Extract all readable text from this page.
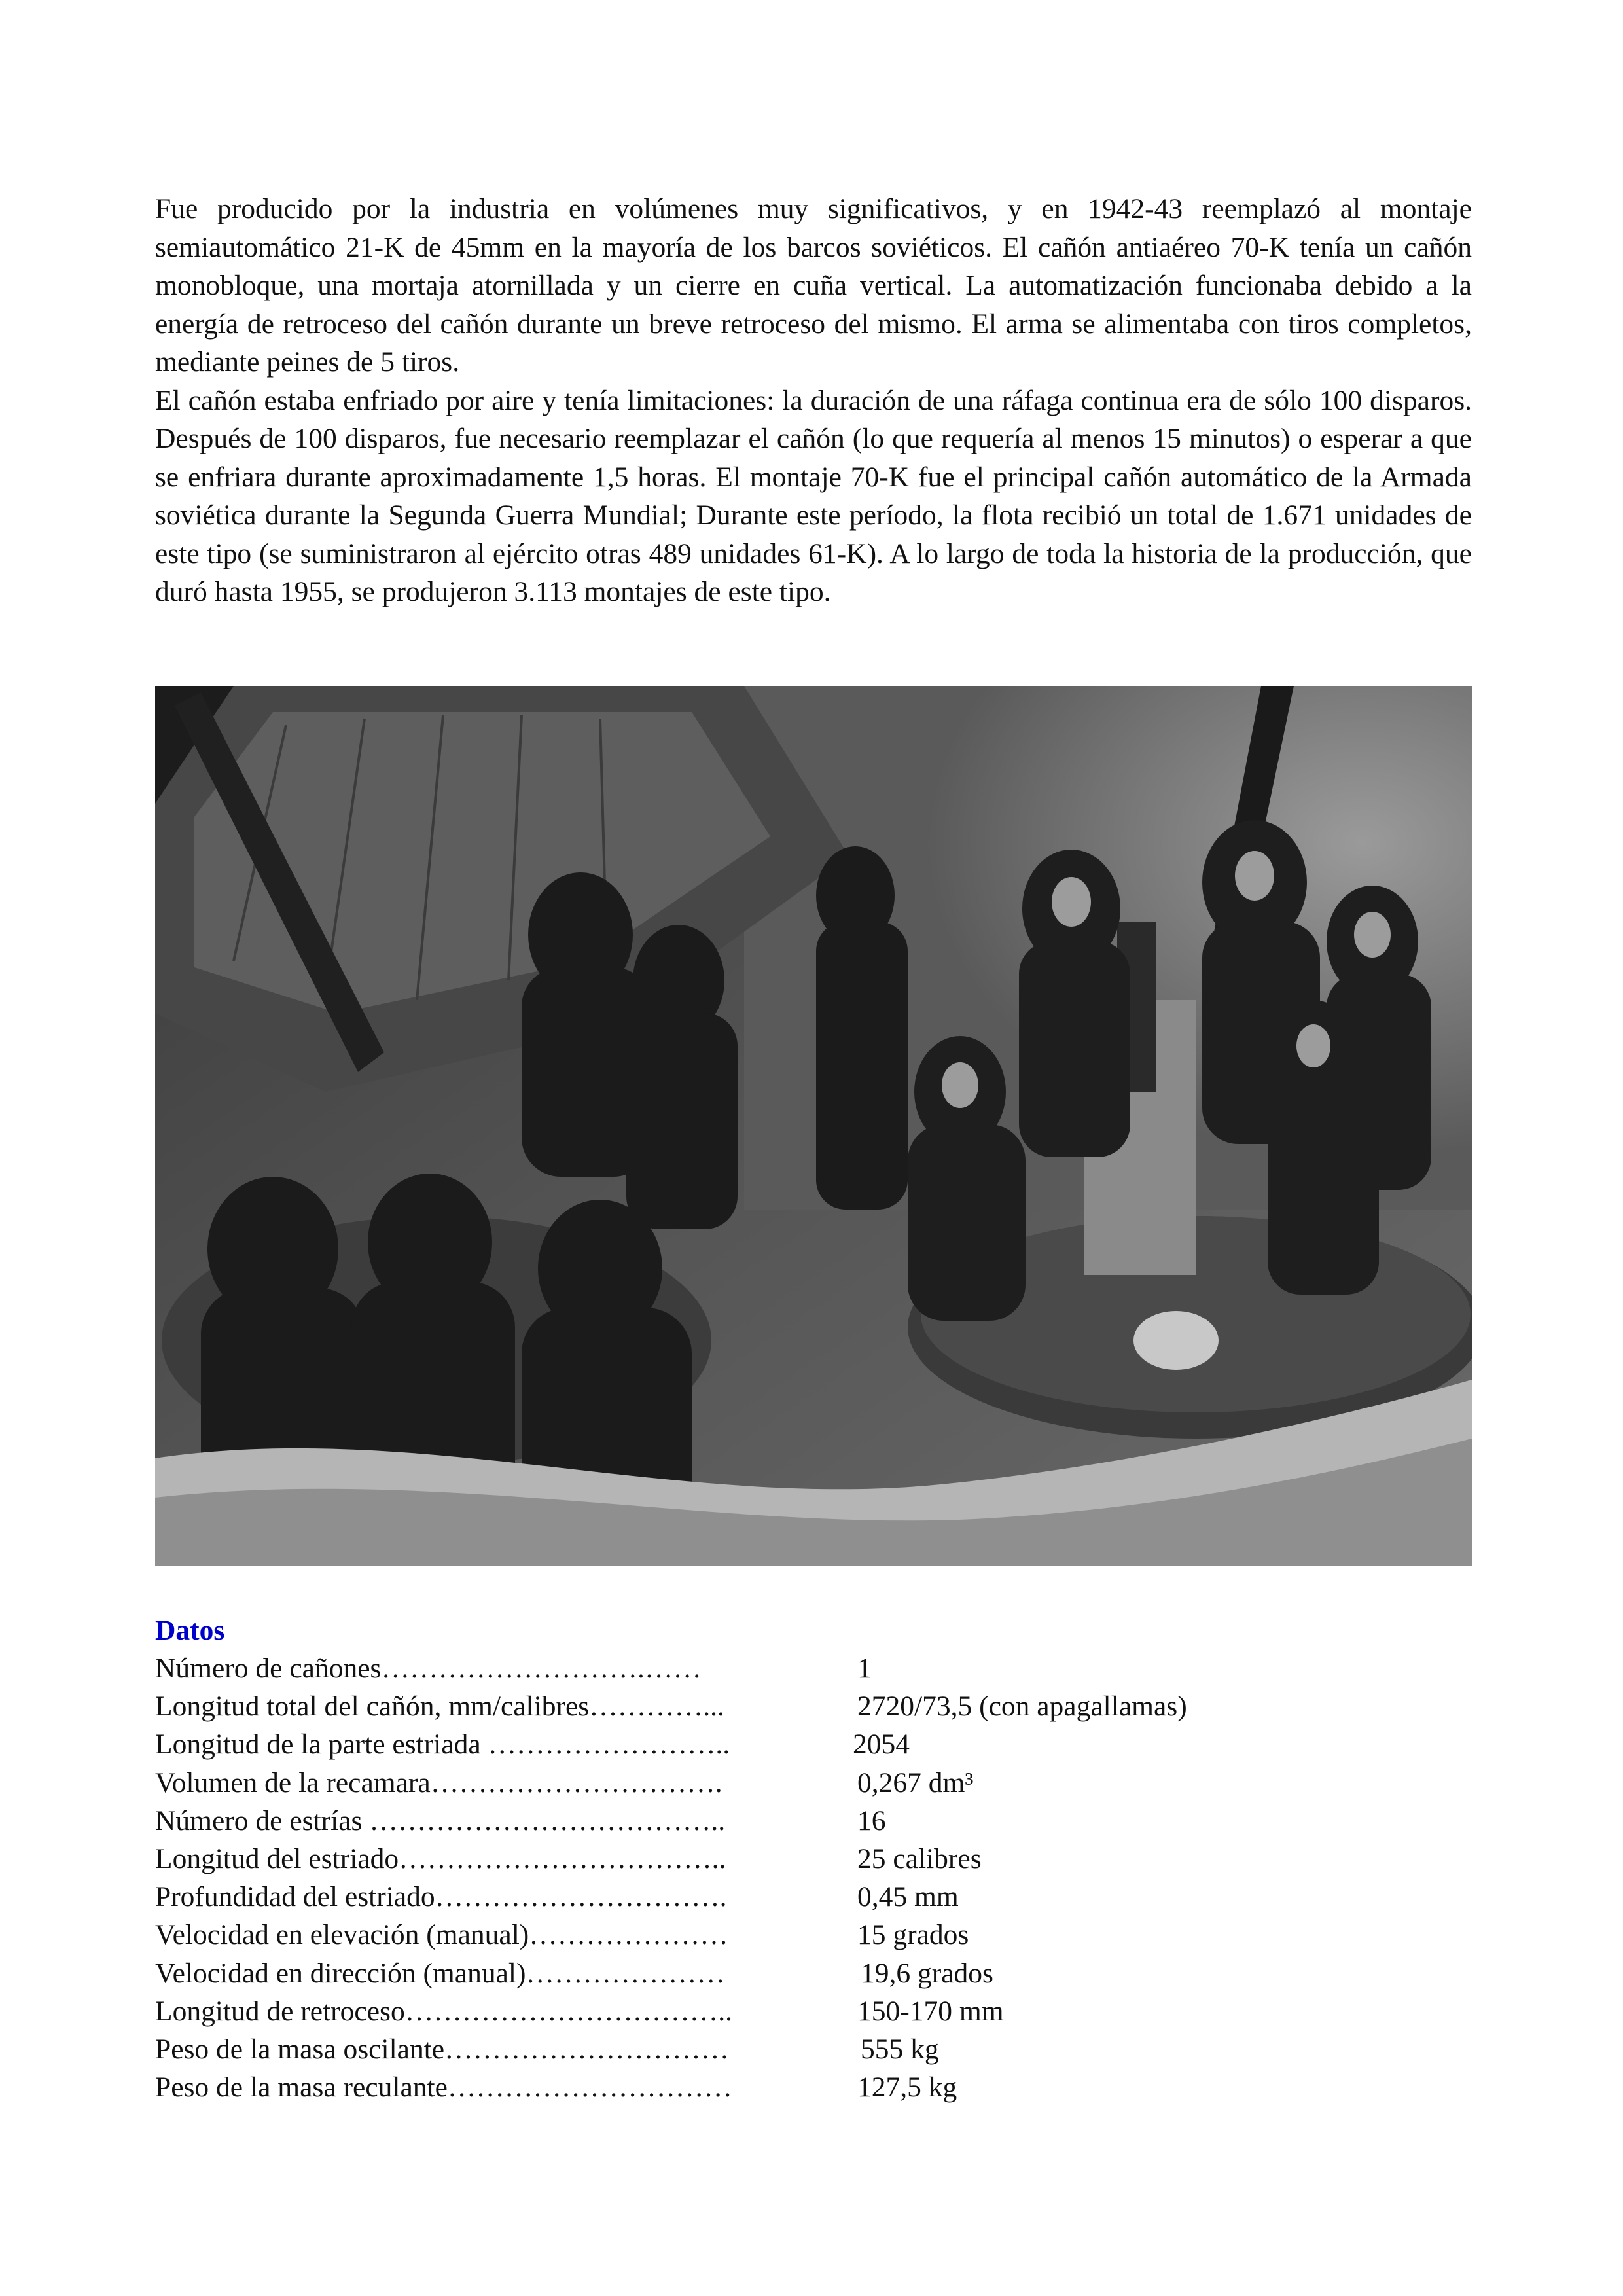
Fue producido por la industria en volúmenes muy significativos, y en 1942-43 reemplazó al montaje semiautomático 21-K de 45mm en la mayoría de los barcos soviéticos. El cañón antiaéreo 70-K tenía un cañón monobloque, una mortaja atornillada y un cierre en cuña vertical. La automatización funcionaba debido a la energía de retroceso del cañón durante un breve retroceso del mismo. El arma se alimentaba con tiros completos, mediante peines de 5 tiros.

El cañón estaba enfriado por aire y tenía limitaciones: la duración de una ráfaga continua era de sólo 100 disparos. Después de 100 disparos, fue necesario reemplazar el cañón (lo que requería al menos 15 minutos) o esperar a que se enfriara durante aproximadamente 1,5 horas. El montaje 70-K fue el principal cañón automático de la Armada soviética durante la Segunda Guerra Mundial; Durante este período, la flota recibió un total de 1.671 unidades de este tipo (se suministraron al ejército otras 489 unidades 61-K). A lo largo de toda la historia de la producción, que duró hasta 1955, se produjeron 3.113 montajes de este tipo.

Datos
Número de cañones……………………….……	1
Longitud total del cañón, mm/calibres…………...	2720/73,5 (con apagallamas)
Longitud de la parte estriada ……………………..	2054
Volumen de la recamara………………………….	0,267 dm³
Número de estrías ………………………………..	16
Longitud del estriado……………………………..	25 calibres
Profundidad del estriado………………………….	0,45 mm
Velocidad en elevación (manual)…………………	15 grados
Velocidad en dirección (manual)…………………	19,6 grados
Longitud de retroceso……………………………..	150-170 mm
Peso de la masa oscilante…………………………	555 kg
Peso de la masa reculante…………………………	127,5 kg
